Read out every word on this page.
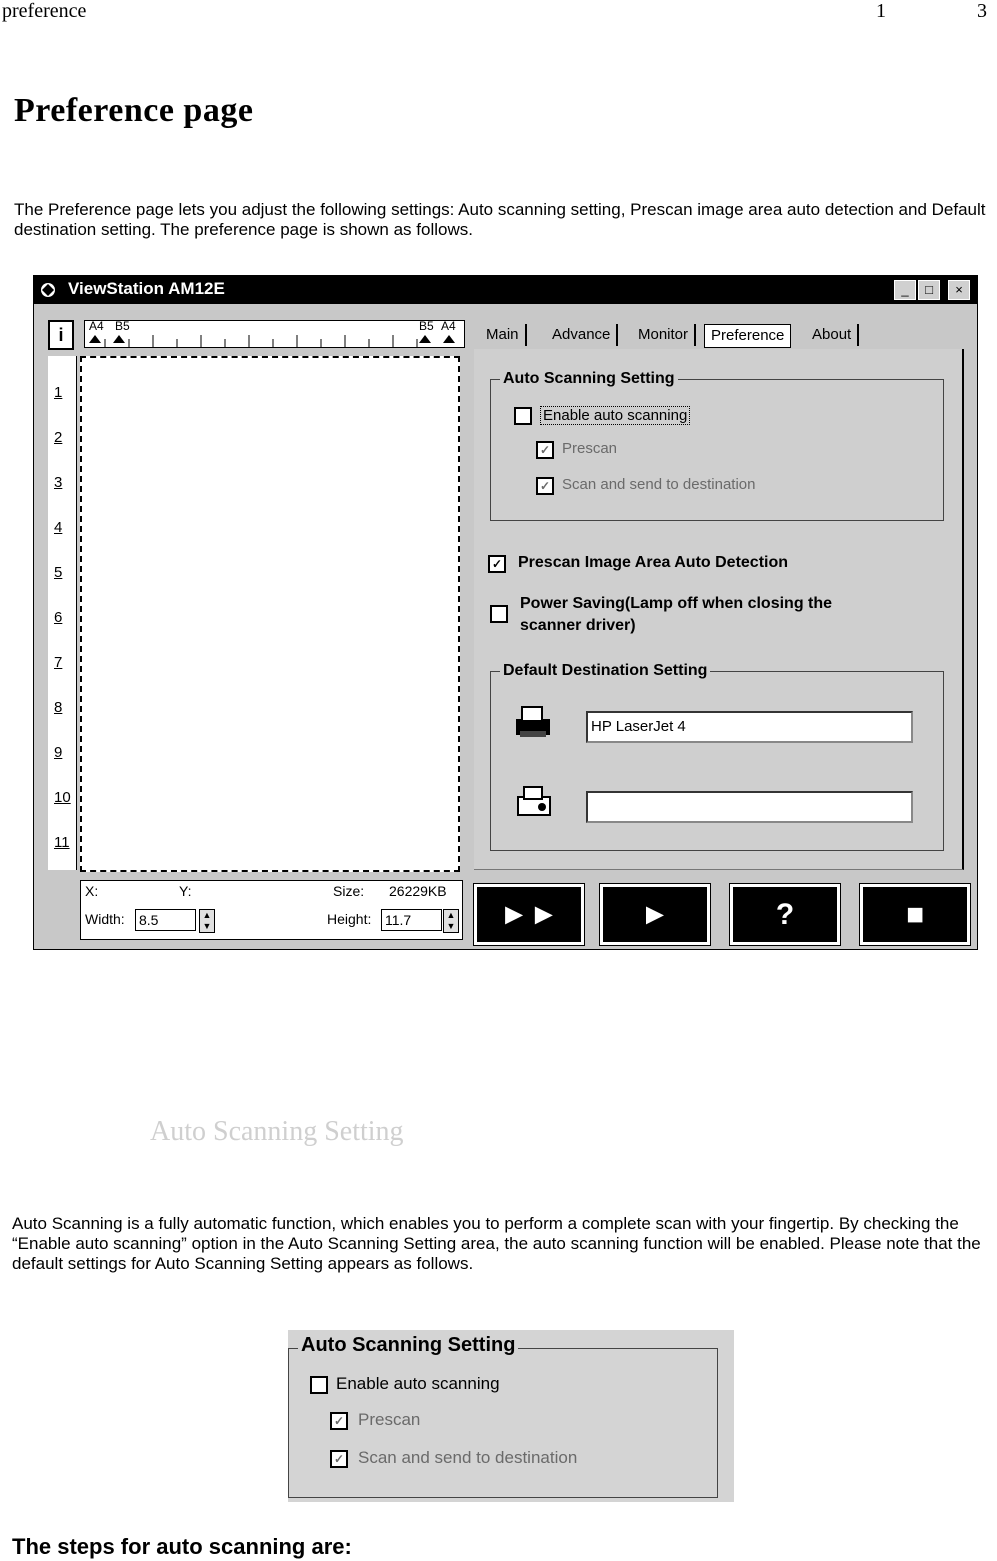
preference	1	3
Preference page
The Preference page lets you adjust the following settings: Auto scanning setting, Prescan image area auto detection and Default destination setting. The preference page is shown as follows.
ViewStation AM12E	_	□	×
i	A4 B5	B5 A4
1
2
3
4
5
6
7
8
9
10
11
X:	Y:	Size: 26229KB
Width: 8.5	▲
▼	Height: 11.7	▲
▼
Main	Advance	Monitor	Preference	About
Auto Scanning Setting
Enable auto scanning
✓ Prescan
✓ Scan and send to destination
✓ Prescan Image Area Auto Detection
Power Saving(Lamp off when closing the
scanner driver)
Default Destination Setting
HP LaserJet 4
►►	►	?	■
Auto Scanning Setting
Auto Scanning is a fully automatic function, which enables you to perform a complete scan with your fingertip. By checking the “Enable auto scanning” option in the Auto Scanning Setting area, the auto scanning function will be enabled. Please note that the default settings for Auto Scanning Setting appears as follows.
Auto Scanning Setting
Enable auto scanning
✓ Prescan
✓ Scan and send to destination
The steps for auto scanning are:
